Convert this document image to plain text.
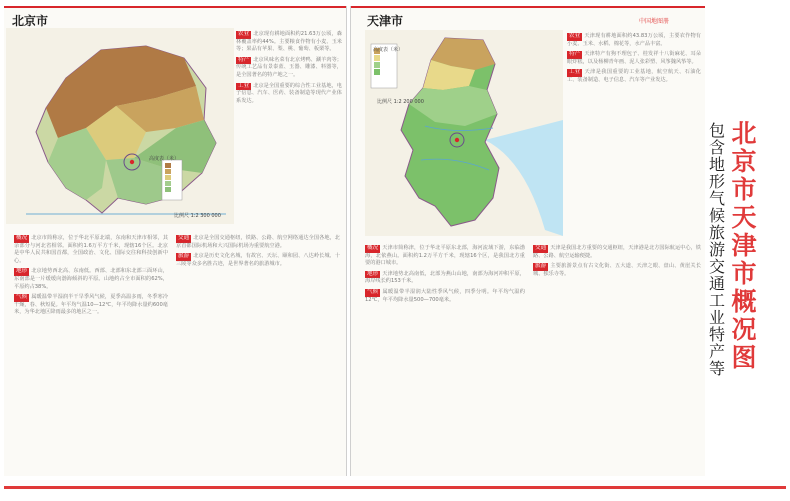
北京市
高度表（米）
比例尺 1:2 300 000
农业 北京现有耕地面积约21.63万公顷，森林覆盖率约44%。主要粮食作物有小麦、玉米等；果品有苹果、梨、桃、葡萄、板栗等。
特产 北京风味名菜有北京烤鸭、涮羊肉等；传统工艺品有景泰蓝、玉器、雕漆、料器等，是全国著名的特产地之一。
工业 北京是全国重要的综合性工业基地，电子信息、汽车、医药、装备制造等现代产业体系发达。
概况 北京市简称京，位于华北平原北端，东南和天津市相邻，其余部分与河北省相邻。面积约1.6万平方千米，现辖16个区。北京是中华人民共和国首都，全国政治、文化、国际交往和科技创新中心。
地形 北京地势西北高、东南低。西部、北部和东北部三面环山，东南部是一片缓缓向渤海倾斜的平原。山地约占全市面积的62%，平原约占38%。
气候 属暖温带半湿润半干旱季风气候，夏季高温多雨，冬季寒冷干燥，春、秋短促。年平均气温10—12℃，年平均降水量约600毫米，为华北地区降雨最多的地区之一。
交通 北京是全国交通枢纽，铁路、公路、航空网络通达全国各地，北京首都国际机场和大兴国际机场为重要航空港。
旅游 北京是历史文化名城，有故宫、天坛、颐和园、八达岭长城、十三陵等众多名胜古迹，是世界著名的旅游城市。
天津市	中国地图册
高度表（米）
比例尺 1:2 200 000
农业 天津现有耕地面积约43.83万公顷，主要农作物有小麦、玉米、水稻、棉花等，水产品丰富。
特产 天津特产有狗不理包子、桂发祥十八街麻花、耳朵眼炸糕，以及杨柳青年画、泥人张彩塑、风筝魏风筝等。
工业 天津是我国重要的工业基地，航空航天、石油化工、装备制造、电子信息、汽车等产业发达。
概况 天津市简称津，位于华北平原东北部，海河流域下游，东临渤海，北依燕山。面积约1.2万平方千米，现辖16个区，是我国北方重要的港口城市。
地形 天津地势北高南低，北部为燕山山地，南部为海河冲积平原，海岸线长约153千米。
气候 属暖温带半湿润大陆性季风气候，四季分明。年平均气温约12℃，年平均降水量500—700毫米。
交通 天津是我国北方重要的交通枢纽，天津港是北方国际航运中心，铁路、公路、航空运输便捷。
旅游 主要旅游景点有古文化街、五大道、天津之眼、盘山、黄崖关长城、独乐寺等。
北京市天津市概况图
包含地形气候旅游交通工业特产等
